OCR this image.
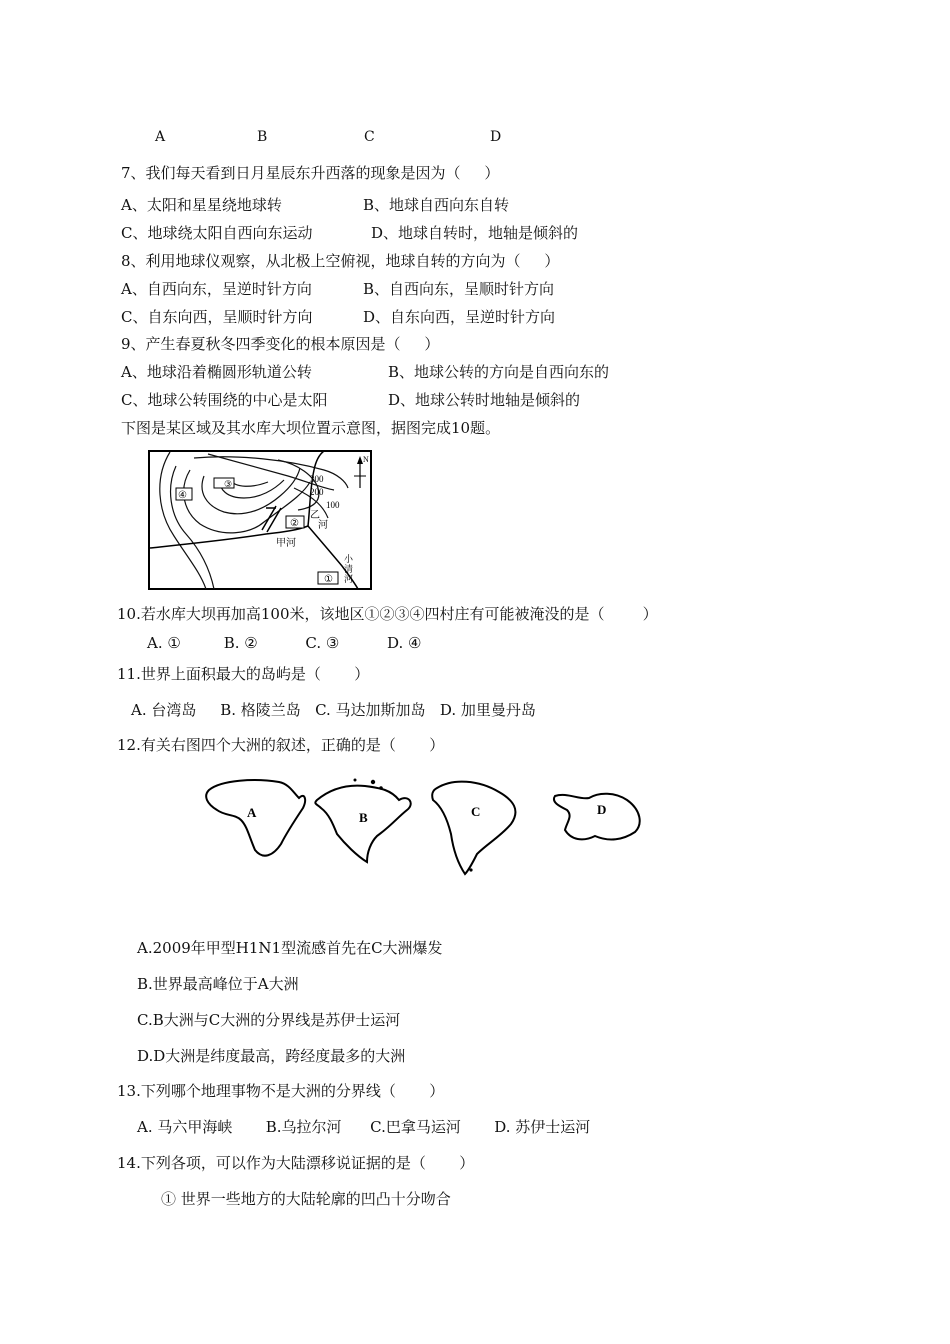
A	B	C	D
7、我们每天看到日月星辰东升西落的现象是因为（     ）
A、太阳和星星绕地球转	B、地球自西向东自转
C、地球绕太阳自西向东运动	D、地球自转时，地轴是倾斜的
8、利用地球仪观察，从北极上空俯视，地球自转的方向为（     ）
A、自西向东，呈逆时针方向	B、自西向东，呈顺时针方向
C、自东向西，呈顺时针方向	D、自东向西，呈逆时针方向
9、产生春夏秋冬四季变化的根本原因是（     ）
A、地球沿着椭圆形轨道公转	B、地球公转的方向是自西向东的
C、地球公转围绕的中心是太阳	D、地球公转时地轴是倾斜的
下图是某区域及其水库大坝位置示意图，据图完成10题。
④
③
②
①
300
200
100
乙
河
甲河
小
清
河
N
10.若水库大坝再加高100米，该地区①②③④四村庄有可能被淹没的是（        ）
A. ①         B. ②          C. ③          D. ④
11.世界上面积最大的岛屿是（       ）
A. 台湾岛     B. 格陵兰岛   C. 马达加斯加岛   D. 加里曼丹岛
12.有关右图四个大洲的叙述，正确的是（       ）
A	B	C	D
A.2009年甲型H1N1型流感首先在C大洲爆发
B.世界最高峰位于A大洲
C.B大洲与C大洲的分界线是苏伊士运河
D.D大洲是纬度最高，跨经度最多的大洲
13.下列哪个地理事物不是大洲的分界线（       ）
A. 马六甲海峡       B.乌拉尔河      C.巴拿马运河       D. 苏伊士运河
14.下列各项，可以作为大陆漂移说证据的是（       ）
① 世界一些地方的大陆轮廓的凹凸十分吻合
